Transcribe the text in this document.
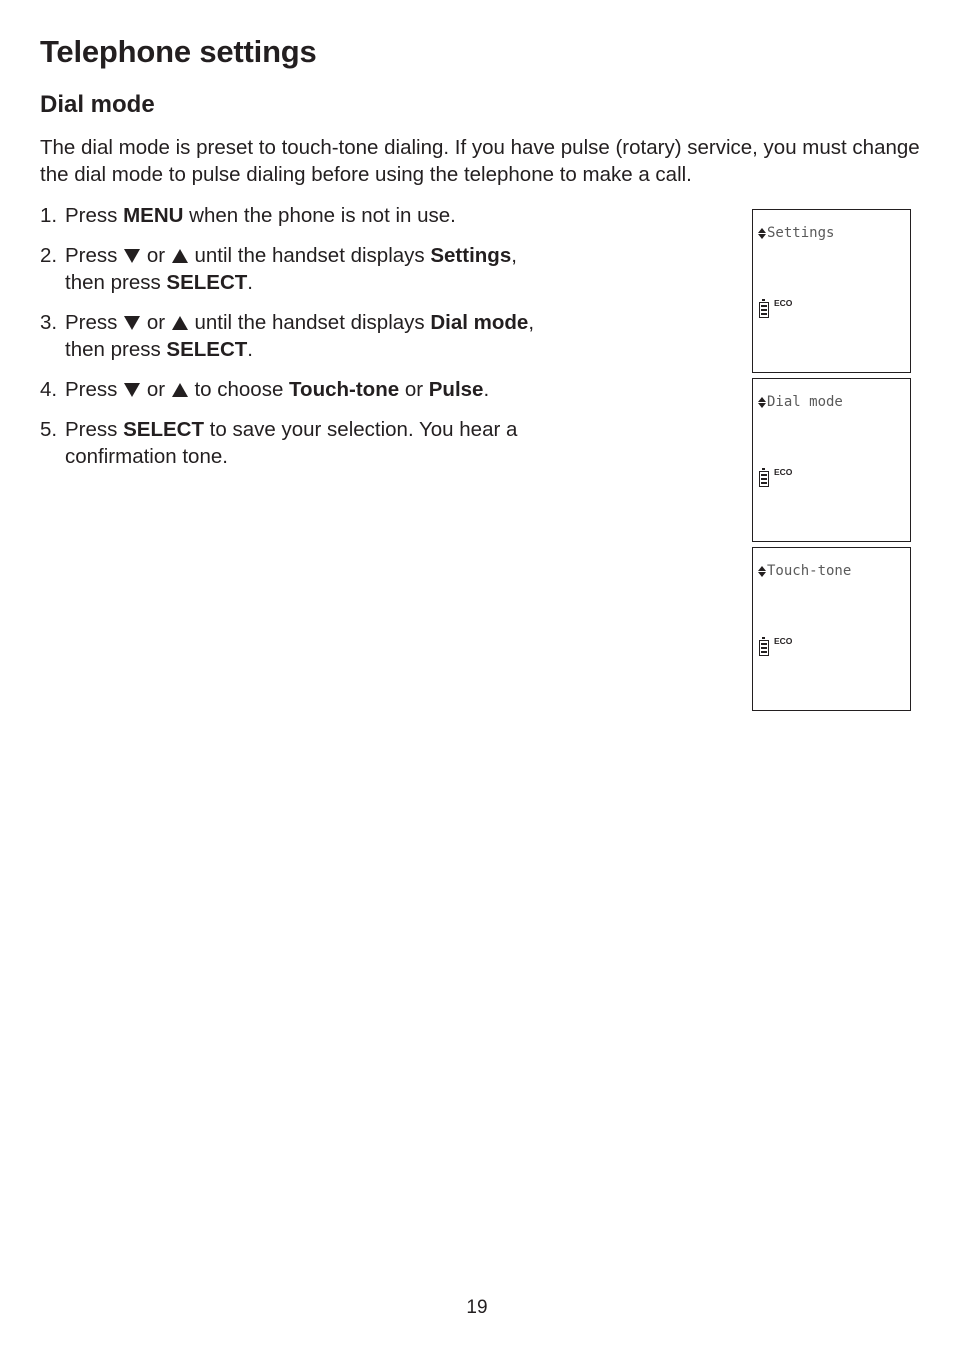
Telephone settings
Dial mode

The dial mode is preset to touch-tone dialing. If you have pulse (rotary) service, you must change the dial mode to pulse dialing before using the telephone to make a call.

1. Press MENU when the phone is not in use.
2. Press  or until the handset displays Settings,
then press SELECT.
3. Press  or until the handset displays Dial mode,
then press SELECT.
4. Press  or to choose Touch-tone or Pulse.
5. Press SELECT to save your selection. You hear a
confirmation tone.
Settings
ECO
Dial mode
ECO
Touch-tone
ECO
19
